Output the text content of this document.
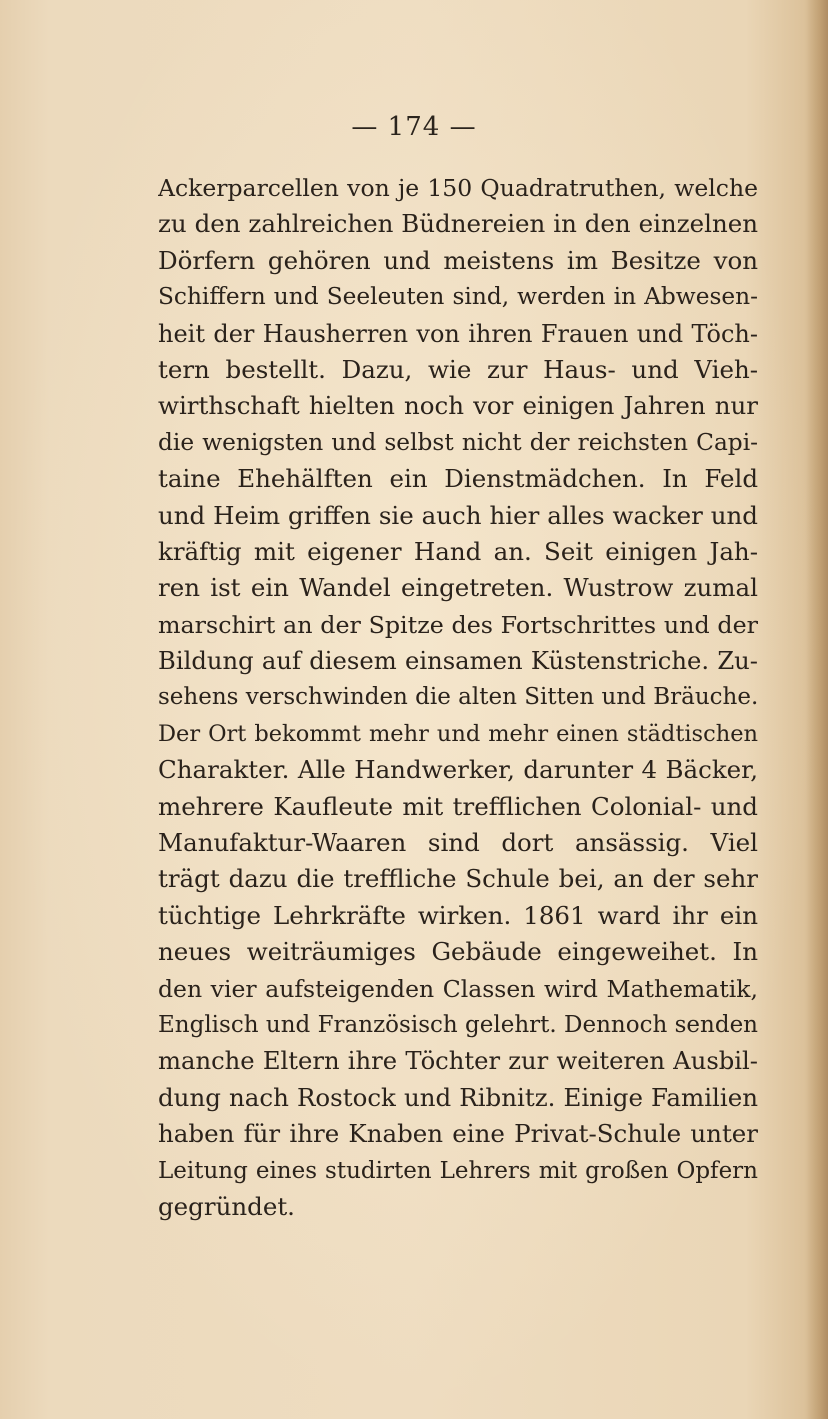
— 174 —
Ackerparcellen von je 150 Quadratruthen, welche
zu den zahlreichen Büdnereien in den einzelnen
Dörfern gehören und meistens im Besitze von
Schiffern und Seeleuten sind, werden in Abwesen-
heit der Hausherren von ihren Frauen und Töch-
tern bestellt. Dazu, wie zur Haus- und Vieh-
wirthschaft hielten noch vor einigen Jahren nur
die wenigsten und selbst nicht der reichsten Capi-
taine Ehehälften ein Dienstmädchen. In Feld
und Heim griffen sie auch hier alles wacker und
kräftig mit eigener Hand an. Seit einigen Jah-
ren ist ein Wandel eingetreten. Wustrow zumal
marschirt an der Spitze des Fortschrittes und der
Bildung auf diesem einsamen Küstenstriche. Zu-
sehens verschwinden die alten Sitten und Bräuche.
Der Ort bekommt mehr und mehr einen städtischen
Charakter. Alle Handwerker, darunter 4 Bäcker,
mehrere Kaufleute mit trefflichen Colonial- und
Manufaktur-Waaren sind dort ansässig. Viel
trägt dazu die treffliche Schule bei, an der sehr
tüchtige Lehrkräfte wirken. 1861 ward ihr ein
neues weiträumiges Gebäude eingeweihet. In
den vier aufsteigenden Classen wird Mathematik,
Englisch und Französisch gelehrt. Dennoch senden
manche Eltern ihre Töchter zur weiteren Ausbil-
dung nach Rostock und Ribnitz. Einige Familien
haben für ihre Knaben eine Privat-Schule unter
Leitung eines studirten Lehrers mit großen Opfern
gegründet.
